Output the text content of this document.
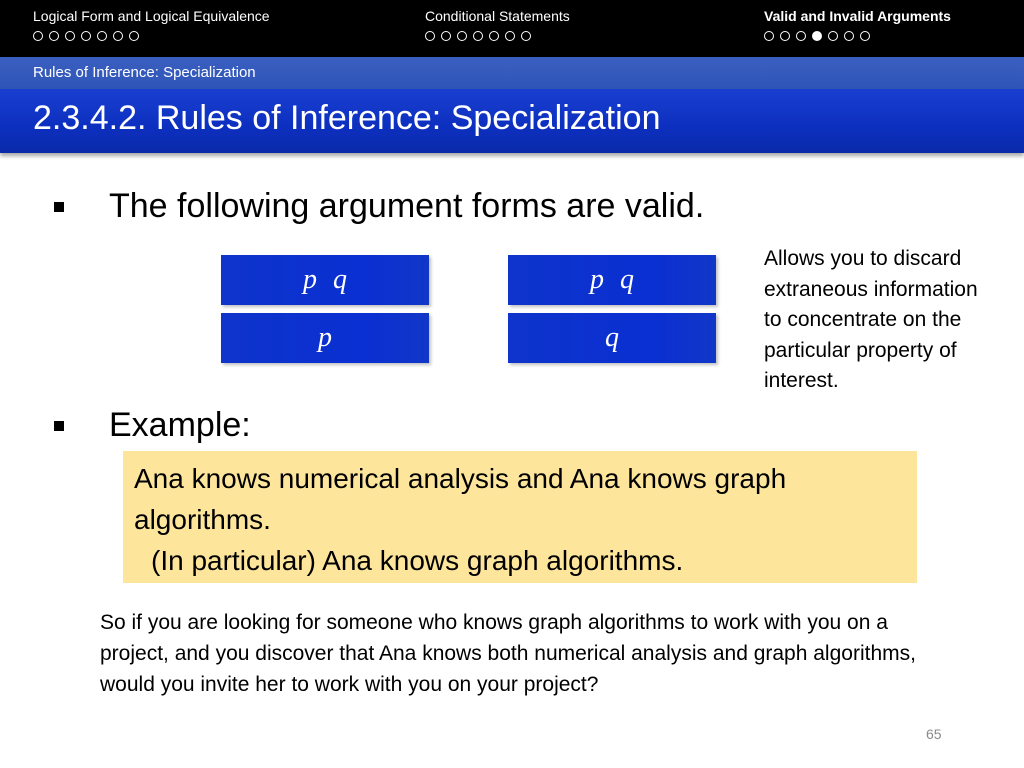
Logical Form and Logical Equivalence	Conditional Statements	Valid and Invalid Arguments
Rules of Inference: Specialization
2.3.4.2. Rules of Inference: Specialization
The following argument forms are valid.
p q
p
p q
q
Allows you to discard extraneous information to concentrate on the particular property of interest.
Example:

Ana knows numerical analysis and Ana knows graph

algorithms.

(In particular) Ana knows graph algorithms.

So if you are looking for someone who knows graph algorithms to work with you on a project, and you discover that Ana knows both numerical analysis and graph algorithms, would you invite her to work with you on your project?

65
